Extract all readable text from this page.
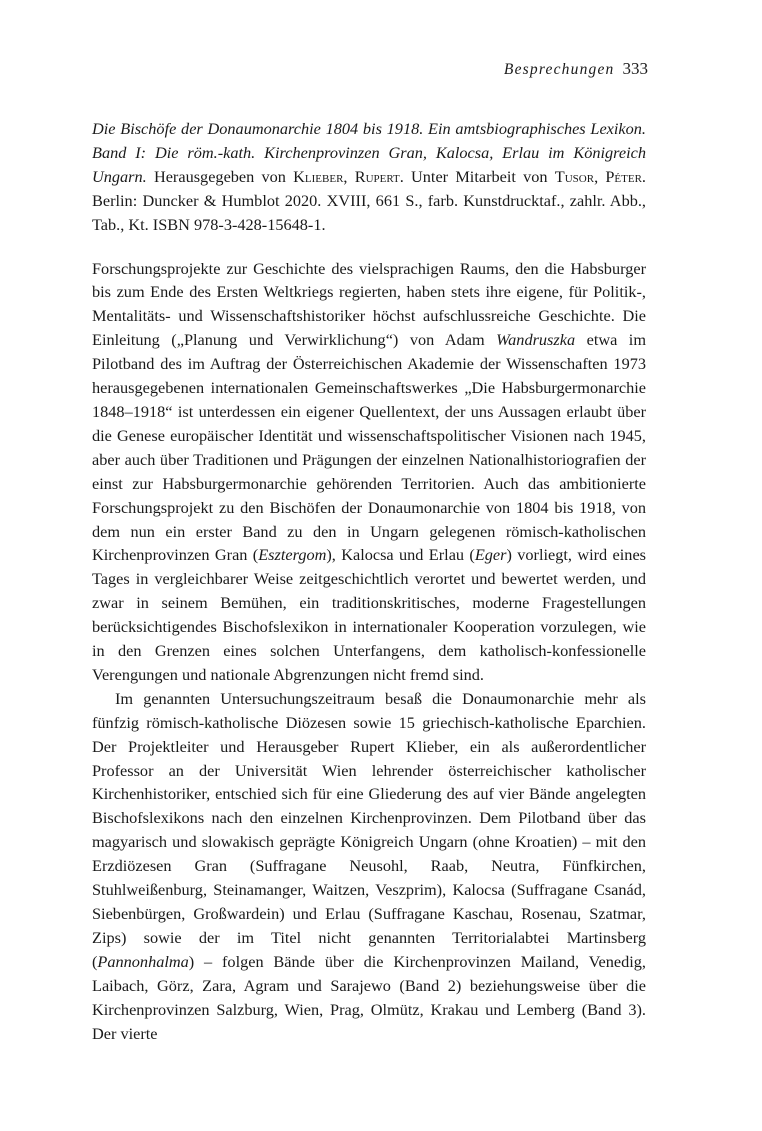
Besprechungen 333
Die Bischöfe der Donaumonarchie 1804 bis 1918. Ein amtsbiographisches Lexikon. Band I: Die röm.-kath. Kirchenprovinzen Gran, Kalocsa, Erlau im Königreich Ungarn. Herausgegeben von Klieber, Rupert. Unter Mitarbeit von Tusor, Péter. Berlin: Duncker & Humblot 2020. XVIII, 661 S., farb. Kunstdrucktaf., zahlr. Abb., Tab., Kt. ISBN 978-3-428-15648-1.

Forschungsprojekte zur Geschichte des vielsprachigen Raums, den die Habsburger bis zum Ende des Ersten Weltkriegs regierten, haben stets ihre eigene, für Politik-, Mentalitäts- und Wissenschaftshistoriker höchst aufschlussreiche Geschichte. Die Einleitung („Planung und Verwirklichung“) von Adam Wandruszka etwa im Pilotband des im Auftrag der Österreichischen Akademie der Wissenschaften 1973 herausgegebenen internationalen Gemeinschaftswerkes „Die Habsburgermonarchie 1848–1918“ ist unterdessen ein eigener Quellentext, der uns Aussagen erlaubt über die Genese europäischer Identität und wissenschaftspolitischer Visionen nach 1945, aber auch über Traditionen und Prägungen der einzelnen Nationalhistoriografien der einst zur Habsburgermonarchie gehörenden Territorien. Auch das ambitionierte Forschungsprojekt zu den Bischöfen der Donaumonarchie von 1804 bis 1918, von dem nun ein erster Band zu den in Ungarn gelegenen römisch-katholischen Kirchenprovinzen Gran (Esztergom), Kalocsa und Erlau (Eger) vorliegt, wird eines Tages in vergleichbarer Weise zeitgeschichtlich verortet und bewertet werden, und zwar in seinem Bemühen, ein traditionskritisches, moderne Fragestellungen berücksichtigendes Bischofslexikon in internationaler Kooperation vorzulegen, wie in den Grenzen eines solchen Unterfangens, dem katholisch-konfessionelle Verengungen und nationale Abgrenzungen nicht fremd sind.

Im genannten Untersuchungszeitraum besaß die Donaumonarchie mehr als fünfzig römisch-katholische Diözesen sowie 15 griechisch-katholische Eparchien. Der Projektleiter und Herausgeber Rupert Klieber, ein als außerordentlicher Professor an der Universität Wien lehrender österreichischer katholischer Kirchenhistoriker, entschied sich für eine Gliederung des auf vier Bände angelegten Bischofslexikons nach den einzelnen Kirchenprovinzen. Dem Pilotband über das magyarisch und slowakisch geprägte Königreich Ungarn (ohne Kroatien) – mit den Erzdiözesen Gran (Suffragane Neusohl, Raab, Neutra, Fünfkirchen, Stuhlweißenburg, Steinamanger, Waitzen, Veszprim), Kalocsa (Suffragane Csanád, Siebenbürgen, Großwardein) und Erlau (Suffragane Kaschau, Rosenau, Szatmar, Zips) sowie der im Titel nicht genannten Territorialabtei Martinsberg (Pannonhalma) – folgen Bände über die Kirchenprovinzen Mailand, Venedig, Laibach, Görz, Zara, Agram und Sarajewo (Band 2) beziehungsweise über die Kirchenprovinzen Salzburg, Wien, Prag, Olmütz, Krakau und Lemberg (Band 3). Der vierte
